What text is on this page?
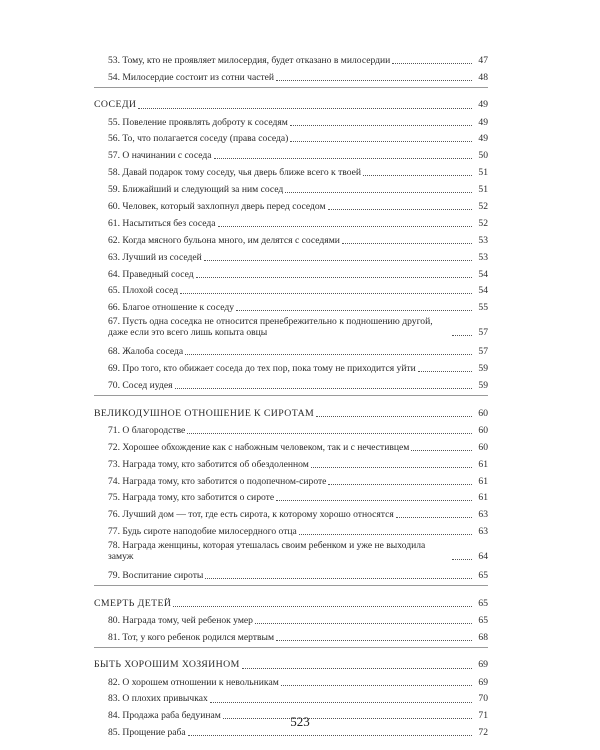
53. Тому, кто не проявляет милосердия, будет отказано в милосердии	47
54. Милосердие состоит из сотни частей	48
СОСЕДИ	49
55. Повеление проявлять доброту к соседям	49
56. То, что полагается соседу (права соседа)	49
57. О начинании с соседа	50
58. Давай подарок тому соседу, чья дверь ближе всего к твоей	51
59. Ближайший и следующий за ним сосед	51
60. Человек, который захлопнул дверь перед соседом	52
61. Насытиться без соседа	52
62. Когда мясного бульона много, им делятся с соседями	53
63. Лучший из соседей	53
64. Праведный сосед	54
65. Плохой сосед	54
66. Благое отношение к соседу	55
67. Пусть одна соседка не относится пренебрежительно к подношению другой, даже если это всего лишь копыта овцы	57
68. Жалоба соседа	57
69. Про того, кто обижает соседа до тех пор, пока тому не приходится уйти	59
70. Сосед иудея	59
ВЕЛИКОДУШНОЕ ОТНОШЕНИЕ К СИРОТАМ	60
71. О благородстве	60
72. Хорошее обхождение как с набожным человеком, так и с нечестивцем	60
73. Награда тому, кто заботится об обездоленном	61
74. Награда тому, кто заботится о подопечном-сироте	61
75. Награда тому, кто заботится о сироте	61
76. Лучший дом — тот, где есть сирота, к которому хорошо относятся	63
77. Будь сироте наподобие милосердного отца	63
78. Награда женщины, которая утешалась своим ребенком и уже не выходила замуж	64
79. Воспитание сироты	65
СМЕРТЬ ДЕТЕЙ	65
80. Награда тому, чей ребенок умер	65
81. Тот, у кого ребенок родился мертвым	68
БЫТЬ ХОРОШИМ ХОЗЯИНОМ	69
82. О хорошем отношении к невольникам	69
83. О плохих привычках	70
84. Продажа раба бедуинам	71
85. Прощение раба	72
523
